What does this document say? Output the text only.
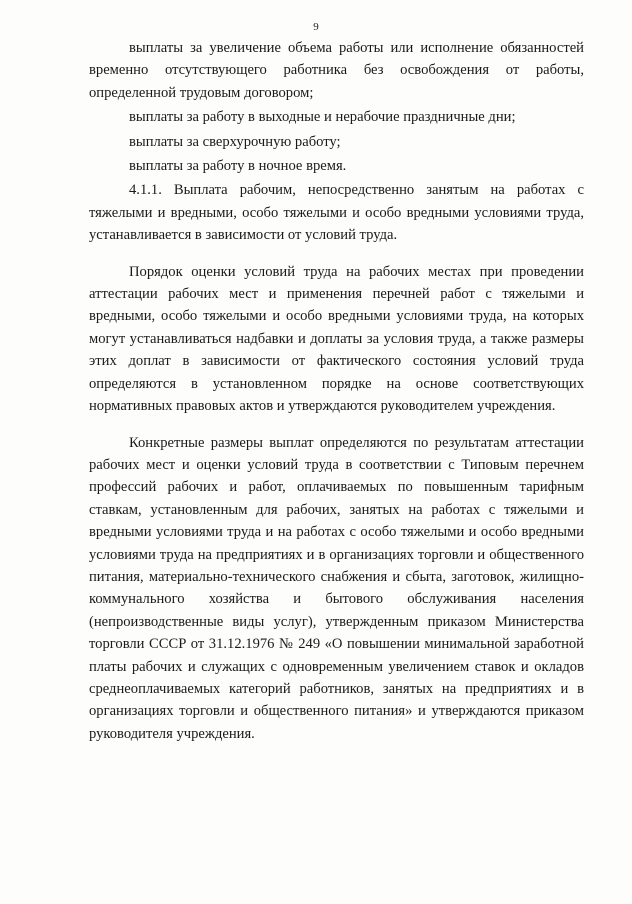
9

выплаты за увеличение объема работы или исполнение обязанностей временно отсутствующего работника без освобождения от работы, определенной трудовым договором;

выплаты за работу в выходные и нерабочие праздничные дни;

выплаты за сверхурочную работу;

выплаты за работу в ночное время.

4.1.1. Выплата рабочим, непосредственно занятым на работах с тяжелыми и вредными, особо тяжелыми и особо вредными условиями труда, устанавливается в зависимости от условий труда.

Порядок оценки условий труда на рабочих местах при проведении аттестации рабочих мест и применения перечней работ с тяжелыми и вредными, особо тяжелыми и особо вредными условиями труда, на которых могут устанавливаться надбавки и доплаты за условия труда, а также размеры этих доплат в зависимости от фактического состояния условий труда определяются в установленном порядке на основе соответствующих нормативных правовых актов и утверждаются руководителем учреждения.

Конкретные размеры выплат определяются по результатам аттестации рабочих мест и оценки условий труда в соответствии с Типовым перечнем профессий рабочих и работ, оплачиваемых по повышенным тарифным ставкам, установленным для рабочих, занятых на работах с тяжелыми и вредными условиями труда и на работах с особо тяжелыми и особо вредными условиями труда на предприятиях и в организациях торговли и общественного питания, материально-технического снабжения и сбыта, заготовок, жилищно-коммунального хозяйства и бытового обслуживания населения (непроизводственные виды услуг), утвержденным приказом Министерства торговли СССР от 31.12.1976 № 249 «О повышении минимальной заработной платы рабочих и служащих с одновременным увеличением ставок и окладов среднеоплачиваемых категорий работников, занятых на предприятиях и в организациях торговли и общественного питания» и утверждаются приказом руководителя учреждения.
